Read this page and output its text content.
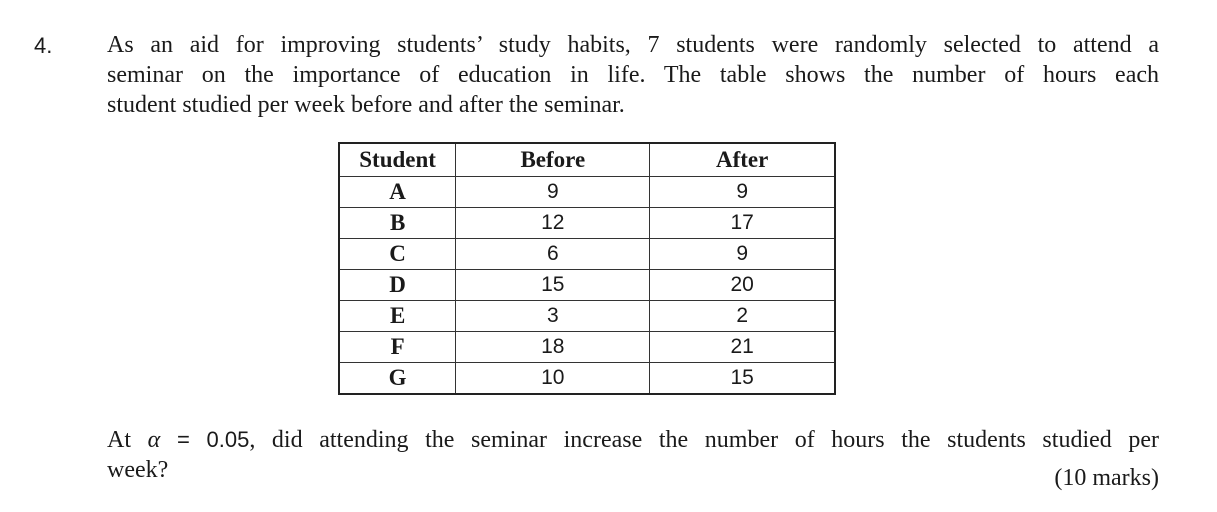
4. As an aid for improving students’ study habits, 7 students were randomly selected to attend a
seminar on the importance of education in life. The table shows the number of hours each
student studied per week before and after the seminar.
Student	Before	After
A	9	9
B	12	17
C	6	9
D	15	20
E	3	2
F	18	21
G	10	15
At α = 0.05, did attending the seminar increase the number of hours the students studied per
week?	(10 marks)
